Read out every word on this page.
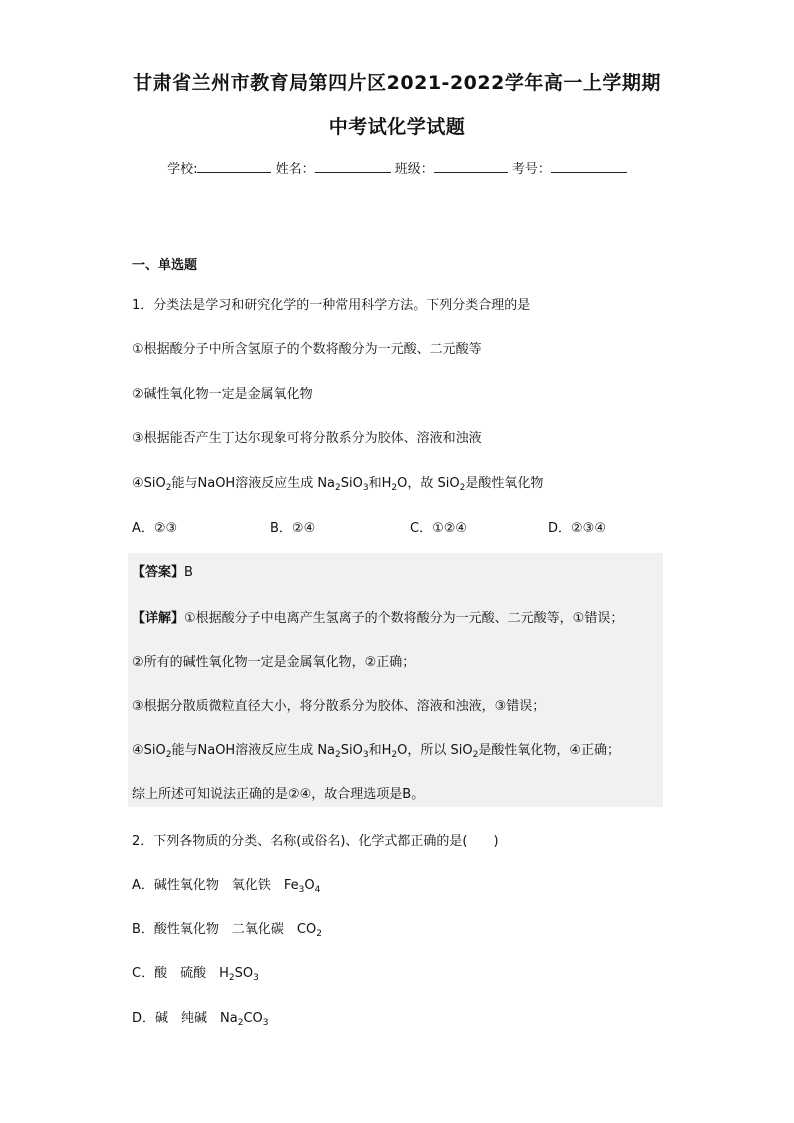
甘肃省兰州市教育局第四片区2021-2022学年高一上学期期
中考试化学试题
学校:	姓名：	班级：	考号：
一、单选题
1．分类法是学习和研究化学的一种常用科学方法。下列分类合理的是
①根据酸分子中所含氢原子的个数将酸分为一元酸、二元酸等
②碱性氧化物一定是金属氧化物
③根据能否产生丁达尔现象可将分散系分为胶体、溶液和浊液
④SiO$_2$能与NaOH溶液反应生成 $Na_2SiO_3$和$H_2O$，故 SiO$_2$是酸性氧化物
A．②③	B．②④	C．①②④	D．②③④
【答案】B
【详解】①根据酸分子中电离产生氢离子的个数将酸分为一元酸、二元酸等，①错误；
②所有的碱性氧化物一定是金属氧化物，②正确；
③根据分散质微粒直径大小，将分散系分为胶体、溶液和浊液，③错误；
④SiO$_2$能与NaOH溶液反应生成 $Na_2SiO_3$和$H_2O$，所以 SiO$_2$是酸性氧化物，④正确；
综上所述可知说法正确的是②④，故合理选项是B。
2．下列各物质的分类、名称(或俗名)、化学式都正确的是(　　)
A．碱性氧化物　氧化铁　$Fe_3O_4$
B．酸性氧化物　二氧化碳　$CO_2$
C．酸　硫酸　$H_2SO_3$
D．碱　纯碱　$Na_2CO_3$
